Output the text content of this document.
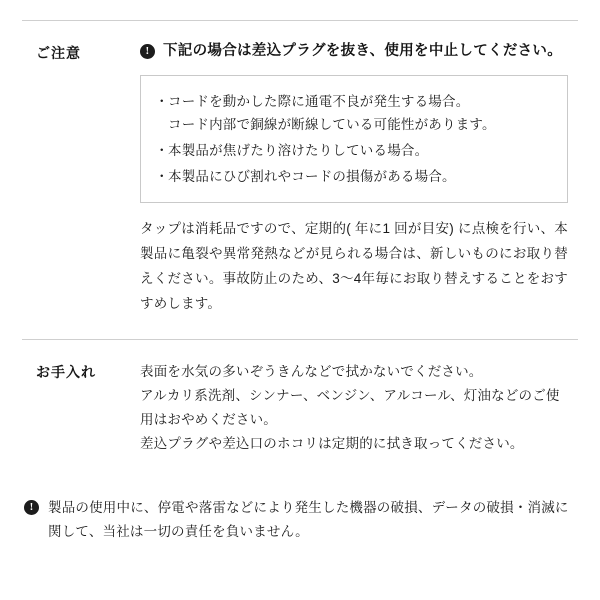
ご注意	! 下記の場合は差込プラグを抜き、使用を中止してください。
・ コードを動かした際に通電不良が発生する場合。
コード内部で銅線が断線している可能性があります。
・ 本製品が焦げたり溶けたりしている場合。
・ 本製品にひび割れやコードの損傷がある場合。

タップは消耗品ですので、定期的( 年に1 回が目安) に点検を行い、本製品に亀裂や異常発熱などが見られる場合は、新しいものにお取り替えください。事故防止のため、3〜4年毎にお取り替えすることをおすすめします。

お手入れ	表面を水気の多いぞうきんなどで拭かないでください。

アルカリ系洗剤、シンナー、ベンジン、アルコール、灯油などのご使用はおやめください。

差込プラグや差込口のホコリは定期的に拭き取ってください。

!	製品の使用中に、停電や落雷などにより発生した機器の破損、データの破損・消滅に関して、当社は一切の責任を負いません。
